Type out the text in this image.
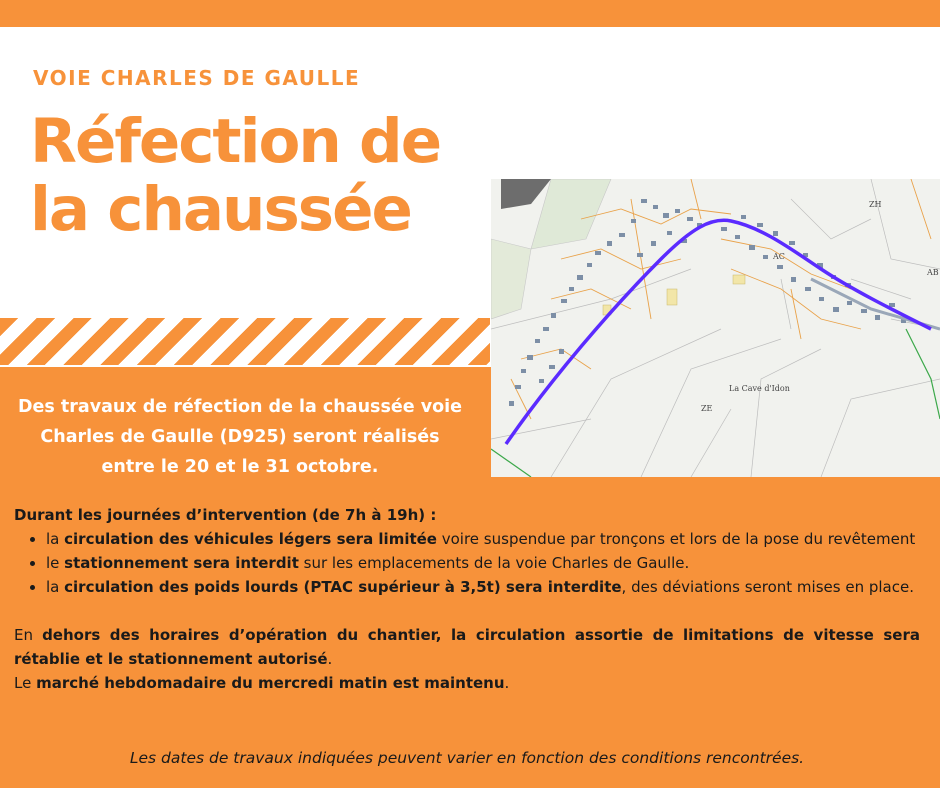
VOIE CHARLES DE GAULLE
Réfection de la chaussée	ZH
AB
AC
La Cave d'Idon
ZE
Des travaux de réfection de la chaussée voie Charles de Gaulle (D925) seront réalisés entre le 20 et le 31 octobre.
Durant les journées d’intervention (de 7h à 19h) :
• la circulation des véhicules légers sera limitée voire suspendue par tronçons et lors de la pose du revêtement
• le stationnement sera interdit sur les emplacements de la voie Charles de Gaulle.
• la circulation des poids lourds (PTAC supérieur à 3,5t) sera interdite, des déviations seront mises en place.

En dehors des horaires d’opération du chantier, la circulation assortie de limitations de vitesse sera rétablie et le stationnement autorisé.

Le marché hebdomadaire du mercredi matin est maintenu.

Les dates de travaux indiquées peuvent varier en fonction des conditions rencontrées.
